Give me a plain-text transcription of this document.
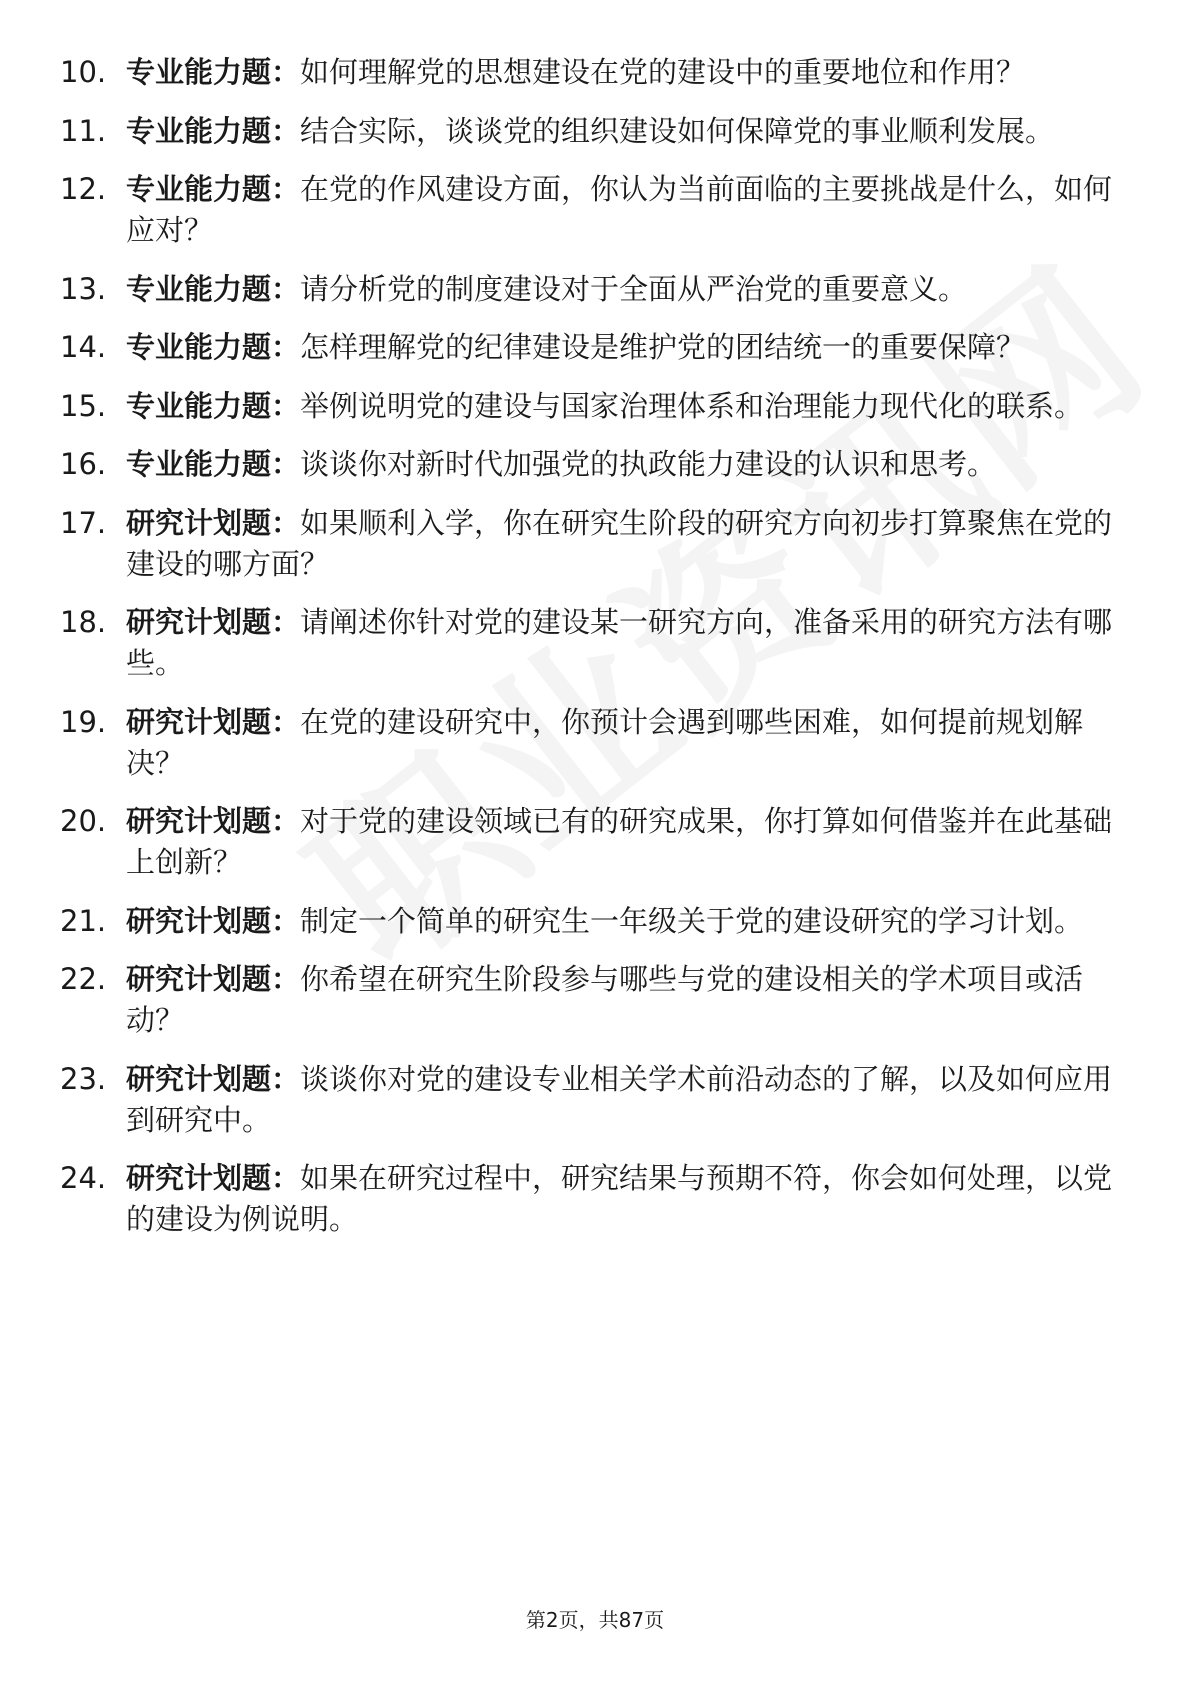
10. 专业能力题：如何理解党的思想建设在党的建设中的重要地位和作用？
11. 专业能力题：结合实际，谈谈党的组织建设如何保障党的事业顺利发展。
12. 专业能力题：在党的作风建设方面，你认为当前面临的主要挑战是什么，如何应对？
13. 专业能力题：请分析党的制度建设对于全面从严治党的重要意义。
14. 专业能力题：怎样理解党的纪律建设是维护党的团结统一的重要保障？
15. 专业能力题：举例说明党的建设与国家治理体系和治理能力现代化的联系。
16. 专业能力题：谈谈你对新时代加强党的执政能力建设的认识和思考。
17. 研究计划题：如果顺利入学，你在研究生阶段的研究方向初步打算聚焦在党的建设的哪方面？
18. 研究计划题：请阐述你针对党的建设某一研究方向，准备采用的研究方法有哪些。
19. 研究计划题：在党的建设研究中，你预计会遇到哪些困难，如何提前规划解决？
20. 研究计划题：对于党的建设领域已有的研究成果，你打算如何借鉴并在此基础上创新？
21. 研究计划题：制定一个简单的研究生一年级关于党的建设研究的学习计划。
22. 研究计划题：你希望在研究生阶段参与哪些与党的建设相关的学术项目或活动？
23. 研究计划题：谈谈你对党的建设专业相关学术前沿动态的了解，以及如何应用到研究中。
24. 研究计划题：如果在研究过程中，研究结果与预期不符，你会如何处理，以党的建设为例说明。
第2页，共87页
